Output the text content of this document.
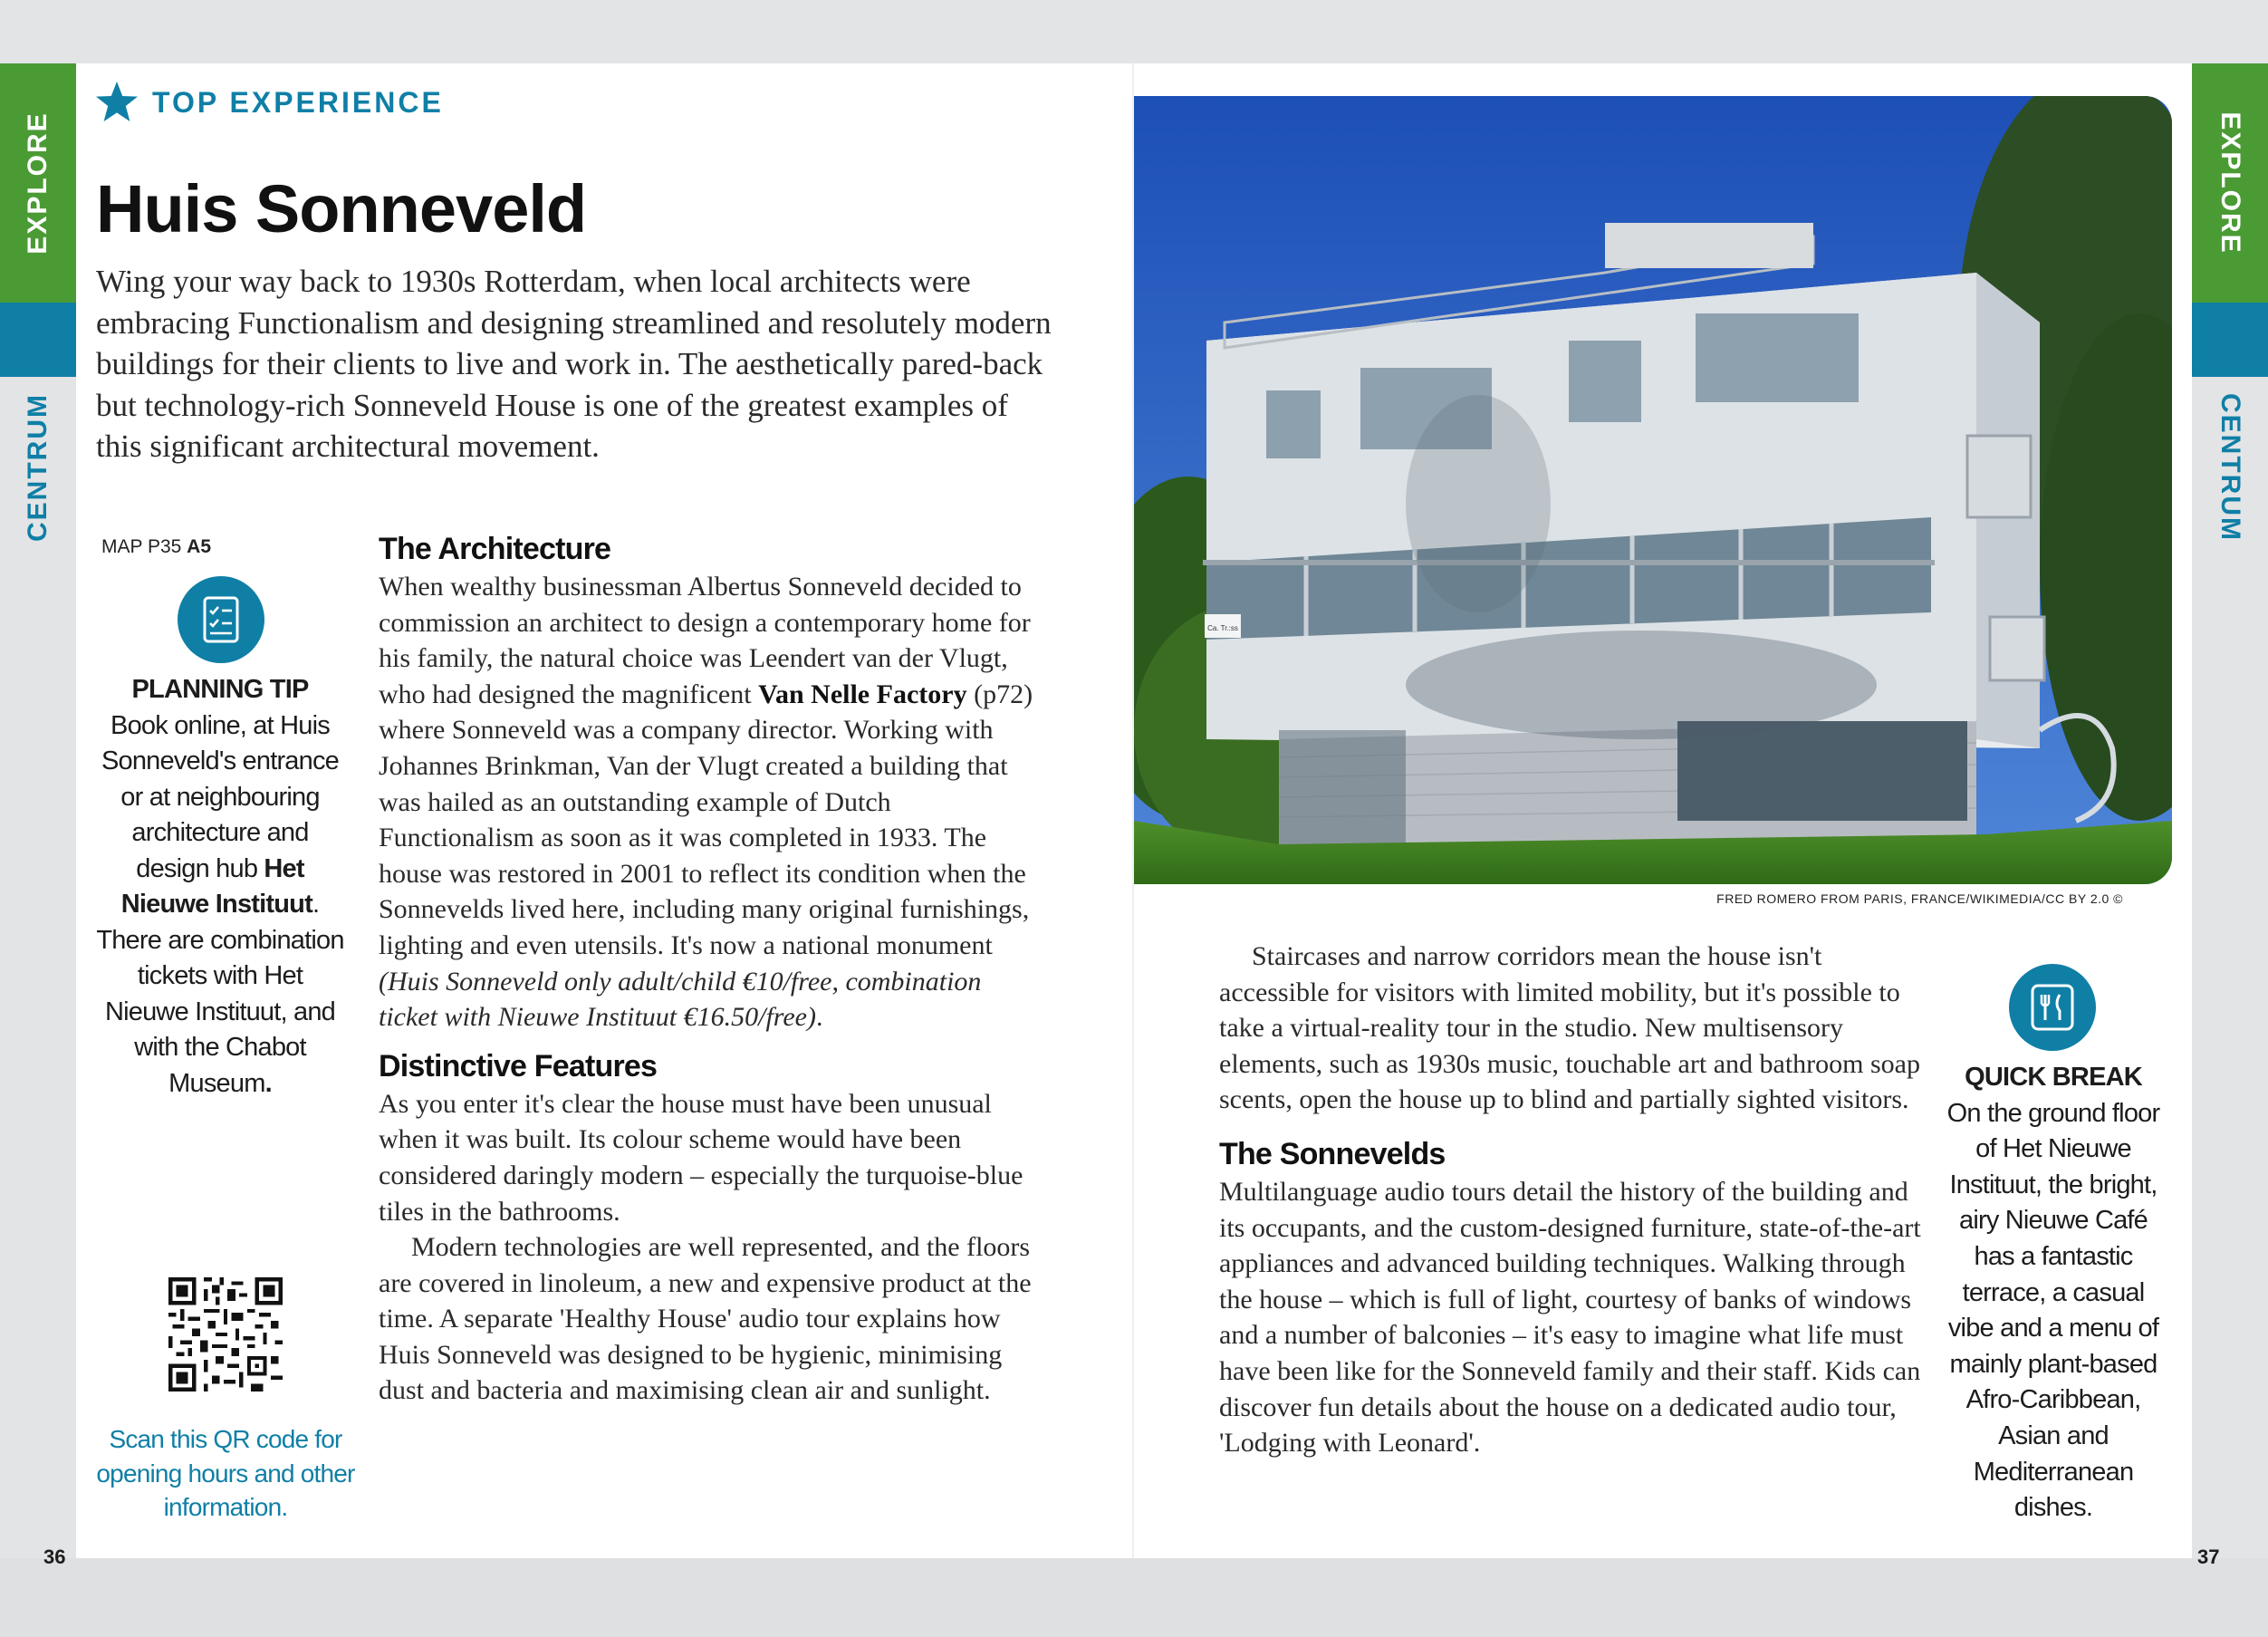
EXPLORE
CENTRUM
EXPLORE
CENTRUM
36	37
TOP EXPERIENCE
Huis Sonneveld

Wing your way back to 1930s Rotterdam, when local architects were embracing Functionalism and designing streamlined and resolutely modern buildings for their clients to live and work in. The aesthetically pared-back but technology-rich Sonneveld House is one of the greatest examples of this significant architectural movement.

MAP P35 A5
PLANNING TIP
Book online, at Huis Sonneveld's entrance or at neighbouring architecture and design hub Het Nieuwe Instituut. There are combination tickets with Het Nieuwe Instituut, and with the Chabot Museum.
Scan this QR code for opening hours and other information.
The Architecture

When wealthy businessman Albertus Sonneveld decided to commission an architect to design a contemporary home for his family, the natural choice was Leendert van der Vlugt, who had designed the magnificent Van Nelle Factory (p72) where Sonneveld was a company director. Working with Johannes Brinkman, Van der Vlugt created a building that was hailed as an outstanding example of Dutch Functionalism as soon as it was completed in 1933. The house was restored in 2001 to reflect its condition when the Sonnevelds lived here, including many original furnishings, lighting and even utensils. It's now a national monument (Huis Sonneveld only adult/child €10/free, combination ticket with Nieuwe Instituut €16.50/free).

Distinctive Features

As you enter it's clear the house must have been unusual when it was built. Its colour scheme would have been considered daringly modern – especially the turquoise-blue tiles in the bathrooms.

Modern technologies are well represented, and the floors are covered in linoleum, a new and expensive product at the time. A separate 'Healthy House' audio tour explains how Huis Sonneveld was designed to be hygienic, minimising dust and bacteria and maximising clean air and sunlight.

Ca. Tr.:ss
FRED ROMERO FROM PARIS, FRANCE/WIKIMEDIA/CC BY 2.0 ©

Staircases and narrow corridors mean the house isn't accessible for visitors with limited mobility, but it's possible to take a virtual-reality tour in the studio. New multisensory elements, such as 1930s music, touchable art and bathroom soap scents, open the house up to blind and partially sighted visitors.

The Sonnevelds

Multilanguage audio tours detail the history of the building and its occupants, and the custom-designed furniture, state-of-the-art appliances and advanced building techniques. Walking through the house – which is full of light, courtesy of banks of windows and a number of balconies – it's easy to imagine what life must have been like for the Sonneveld family and their staff. Kids can discover fun details about the house on a dedicated audio tour, 'Lodging with Leonard'.

QUICK BREAK
On the ground floor of Het Nieuwe Instituut, the bright, airy Nieuwe Café has a fantastic terrace, a casual vibe and a menu of mainly plant-based Afro-Caribbean, Asian and Mediterranean dishes.
